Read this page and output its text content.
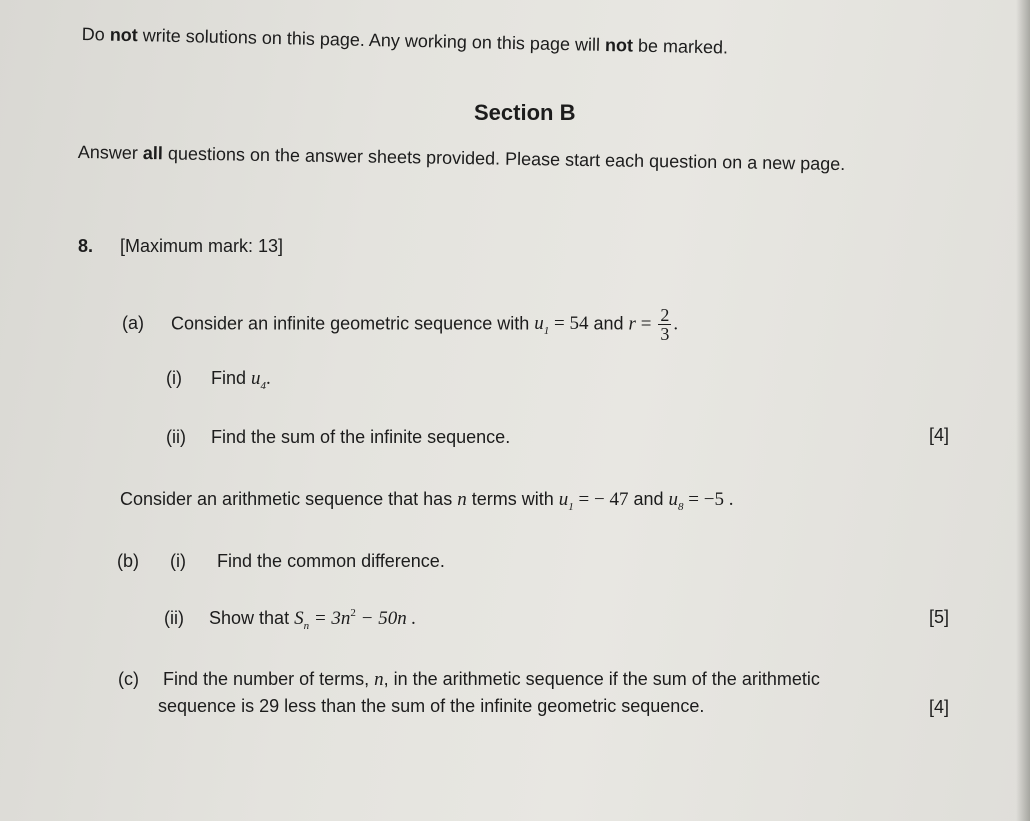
Do not write solutions on this page. Any working on this page will not be marked.
Section B
Answer all questions on the answer sheets provided. Please start each question on a new page.
8. [Maximum mark: 13]
(a) Consider an infinite geometric sequence with $u_1 = 54$ and $r = \frac{2}{3}$ .
(i) Find $u_4$.
(ii) Find the sum of the infinite sequence.	[4]
Consider an arithmetic sequence that has n terms with $u_1$ = − 47 and $u_8 = -5$ .
(b) (i) Find the common difference.
(ii) Show that $S_n = 3n^2 - 50n$ .	[5]
(c) Find the number of terms, n, in the arithmetic sequence if the sum of the arithmetic
sequence is 29 less than the sum of the infinite geometric sequence.	[4]
